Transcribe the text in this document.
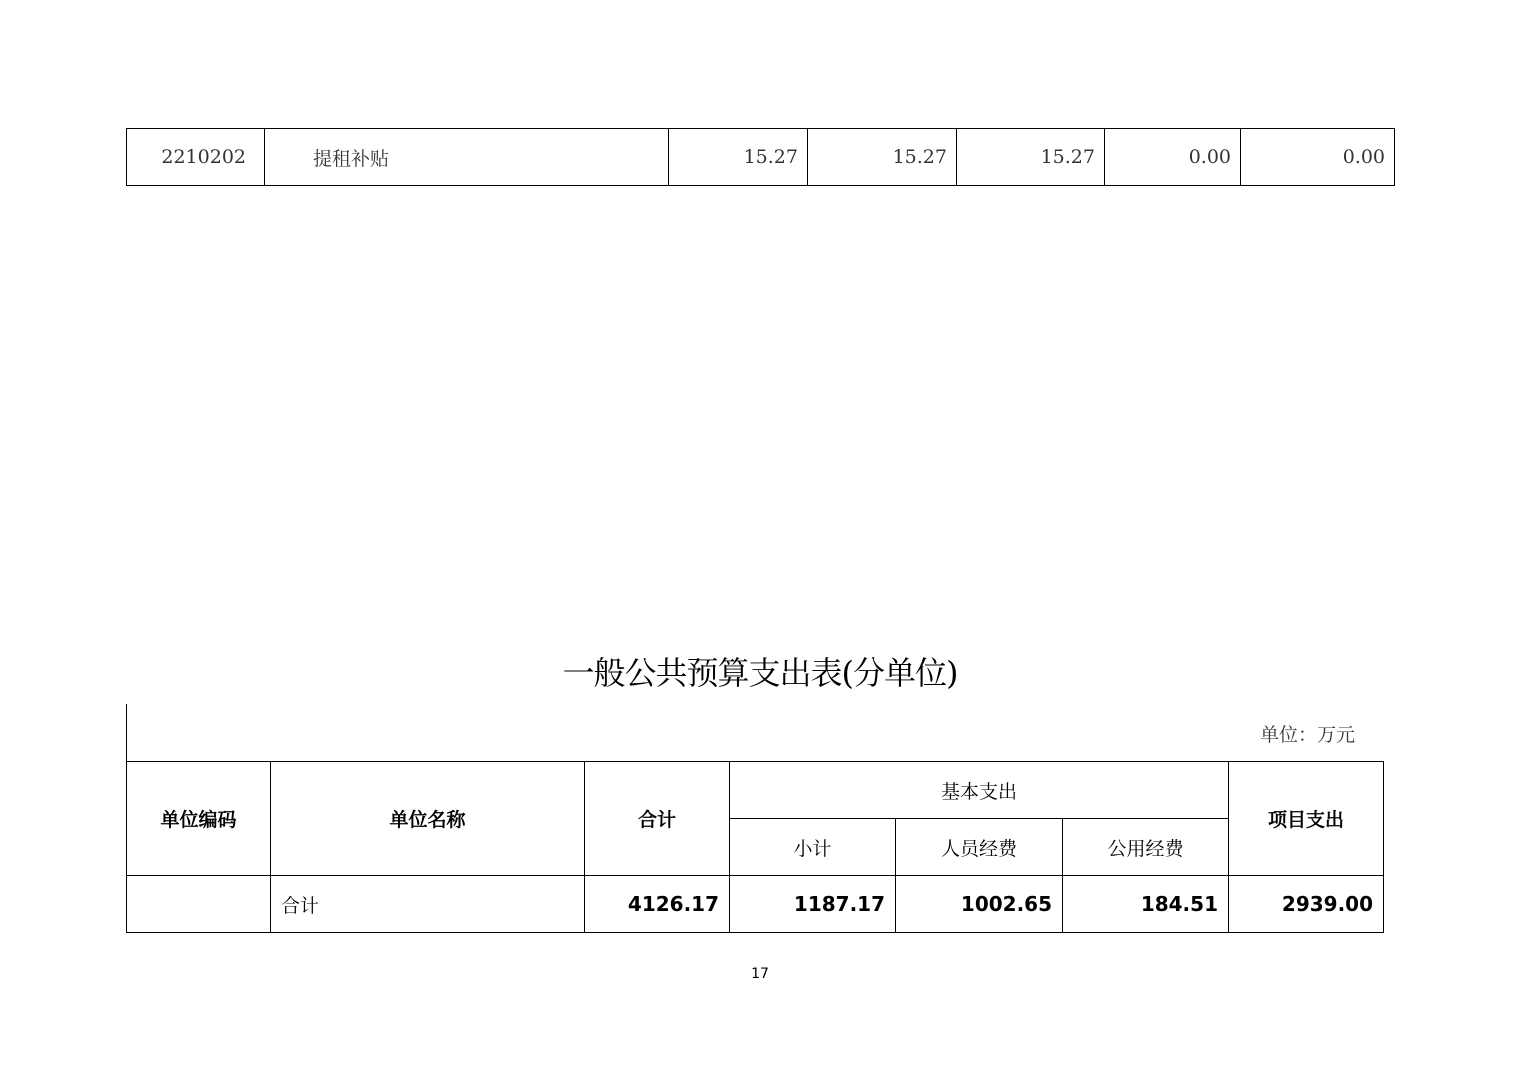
2210202	提租补贴	15.27	15.27	15.27	0.00	0.00
一般公共预算支出表(分单位)
单位：万元
单位编码	单位名称	合计	基本支出			项目支出
			小计	人员经费	公用经费	
	合计	4126.17	1187.17	1002.65	184.51	2939.00
17
